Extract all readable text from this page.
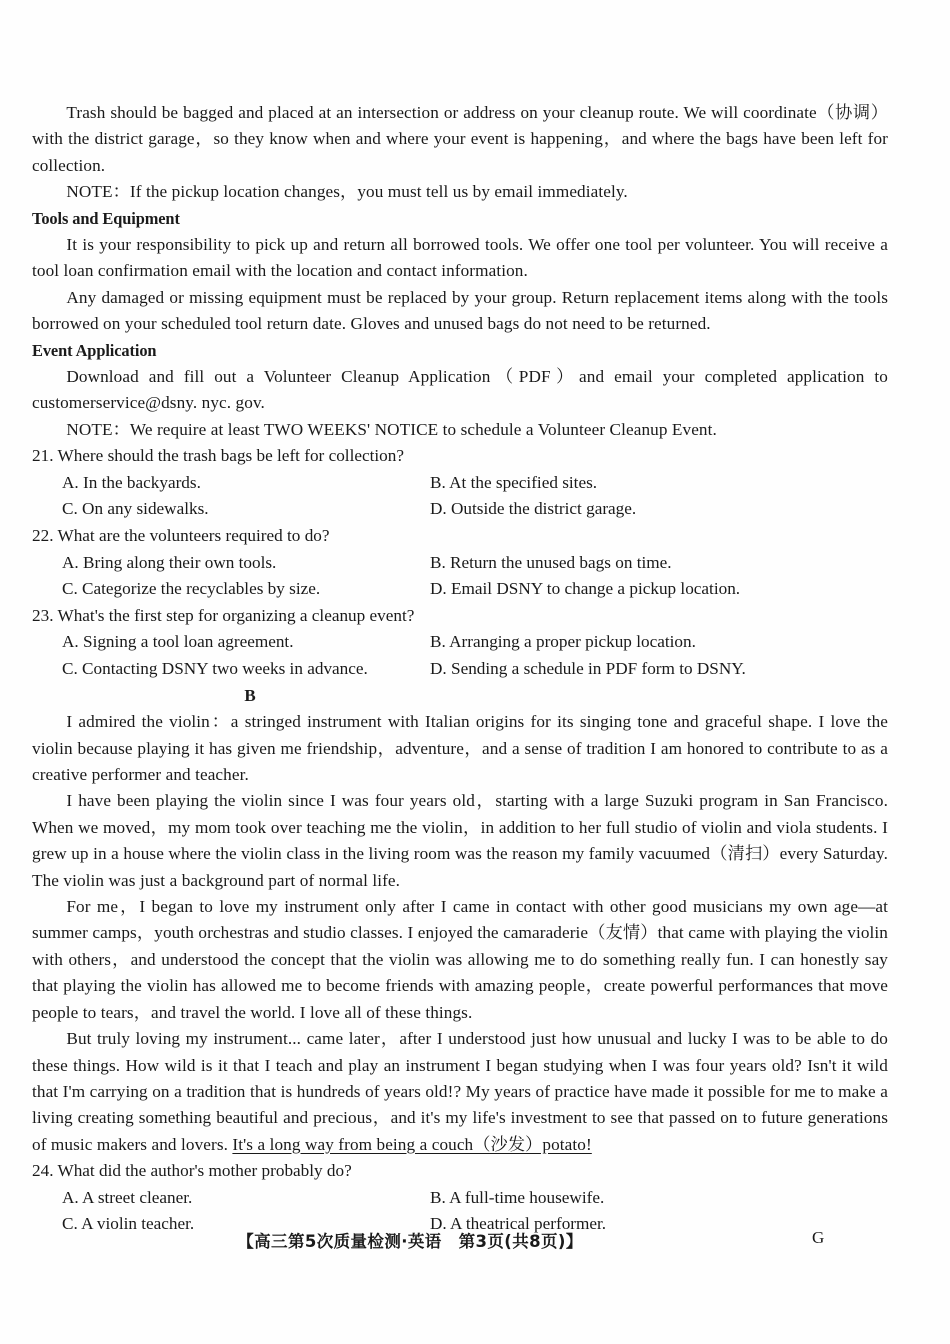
Trash should be bagged and placed at an intersection or address on your cleanup route. We will coordinate（协调）with the district garage，so they know when and where your event is happening，and where the bags have been left for collection.

NOTE：If the pickup location changes，you must tell us by email immediately.

Tools and Equipment

It is your responsibility to pick up and return all borrowed tools. We offer one tool per volunteer. You will receive a tool loan confirmation email with the location and contact information.

Any damaged or missing equipment must be replaced by your group. Return replacement items along with the tools borrowed on your scheduled tool return date. Gloves and unused bags do not need to be returned.

Event Application

Download and fill out a Volunteer Cleanup Application（PDF）and email your completed application to customerservice@dsny. nyc. gov.

NOTE：We require at least TWO WEEKS' NOTICE to schedule a Volunteer Cleanup Event.

21. Where should the trash bags be left for collection?
A. In the backyards.	B. At the specified sites.
C. On any sidewalks.	D. Outside the district garage.
22. What are the volunteers required to do?
A. Bring along their own tools.	B. Return the unused bags on time.
C. Categorize the recyclables by size.	D. Email DSNY to change a pickup location.
23. What's the first step for organizing a cleanup event?
A. Signing a tool loan agreement.	B. Arranging a proper pickup location.
C. Contacting DSNY two weeks in advance.	D. Sending a schedule in PDF form to DSNY.

B

I admired the violin：a stringed instrument with Italian origins for its singing tone and graceful shape. I love the violin because playing it has given me friendship，adventure，and a sense of tradition I am honored to contribute to as a creative performer and teacher.

I have been playing the violin since I was four years old，starting with a large Suzuki program in San Francisco. When we moved，my mom took over teaching me the violin，in addition to her full studio of violin and viola students. I grew up in a house where the violin class in the living room was the reason my family vacuumed（清扫）every Saturday. The violin was just a background part of normal life.

For me，I began to love my instrument only after I came in contact with other good musicians my own age—at summer camps，youth orchestras and studio classes. I enjoyed the camaraderie（友情）that came with playing the violin with others，and understood the concept that the violin was allowing me to do something really fun. I can honestly say that playing the violin has allowed me to become friends with amazing people，create powerful performances that move people to tears，and travel the world. I love all of these things.

But truly loving my instrument... came later，after I understood just how unusual and lucky I was to be able to do these things. How wild is it that I teach and play an instrument I began studying when I was four years old? Isn't it wild that I'm carrying on a tradition that is hundreds of years old!? My years of practice have made it possible for me to make a living creating something beautiful and precious，and it's my life's investment to see that passed on to future generations of music makers and lovers. It's a long way from being a couch（沙发）potato!

24. What did the author's mother probably do?
A. A street cleaner.	B. A full-time housewife.
C. A violin teacher.	D. A theatrical performer.
【高三第5次质量检测·英语　第3页(共8页)】	G
